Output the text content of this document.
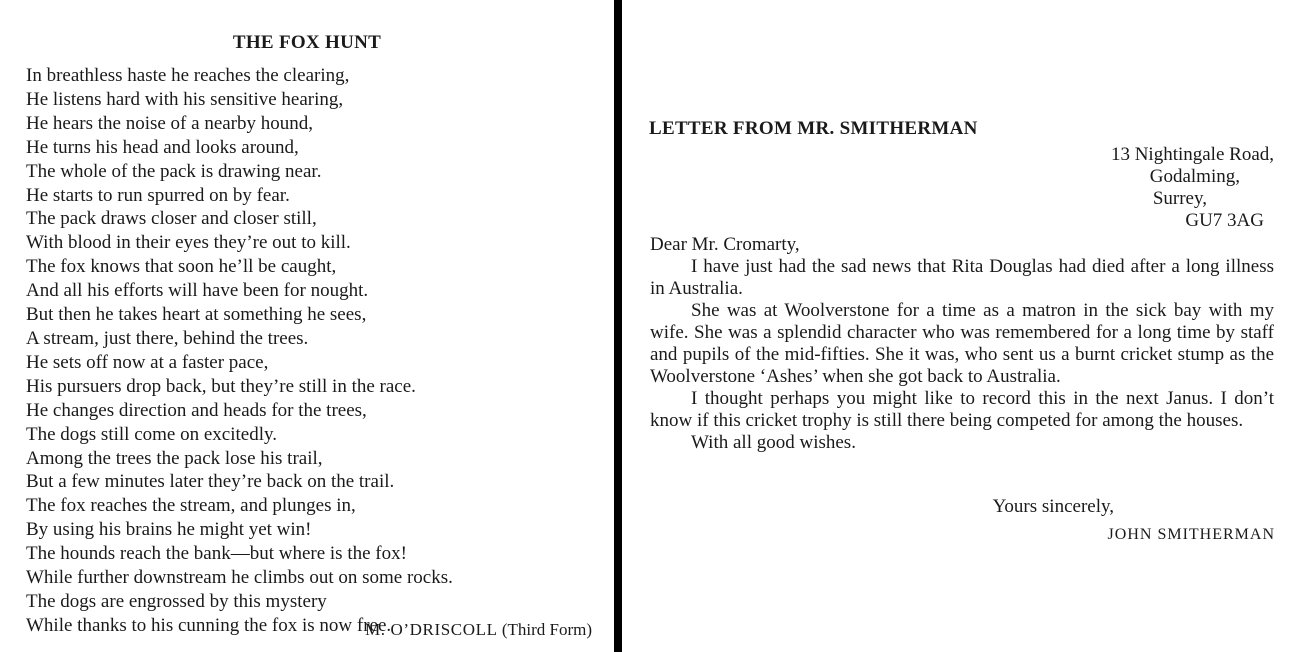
THE FOX HUNT
In breathless haste he reaches the clearing,
He listens hard with his sensitive hearing,
He hears the noise of a nearby hound,
He turns his head and looks around,
The whole of the pack is drawing near.
He starts to run spurred on by fear.
The pack draws closer and closer still,
With blood in their eyes they’re out to kill.
The fox knows that soon he’ll be caught,
And all his efforts will have been for nought.
But then he takes heart at something he sees,
A stream, just there, behind the trees.
He sets off now at a faster pace,
His pursuers drop back, but they’re still in the race.
He changes direction and heads for the trees,
The dogs still come on excitedly.
Among the trees the pack lose his trail,
But a few minutes later they’re back on the trail.
The fox reaches the stream, and plunges in,
By using his brains he might yet win!
The hounds reach the bank—but where is the fox!
While further downstream he climbs out on some rocks.
The dogs are engrossed by this mystery
While thanks to his cunning the fox is now free.
M. O’DRISCOLL (Third Form)
LETTER FROM MR. SMITHERMAN
13 Nightingale Road,
Godalming,
Surrey,
GU7 3AG

Dear Mr. Cromarty,

I have just had the sad news that Rita Douglas had died after a long illness in Australia.

She was at Woolverstone for a time as a matron in the sick bay with my wife. She was a splendid character who was remembered for a long time by staff and pupils of the mid-fifties. She it was, who sent us a burnt cricket stump as the Woolverstone ‘Ashes’ when she got back to Australia.

I thought perhaps you might like to record this in the next Janus. I don’t know if this cricket trophy is still there being competed for among the houses.

With all good wishes.

Yours sincerely,
JOHN SMITHERMAN
